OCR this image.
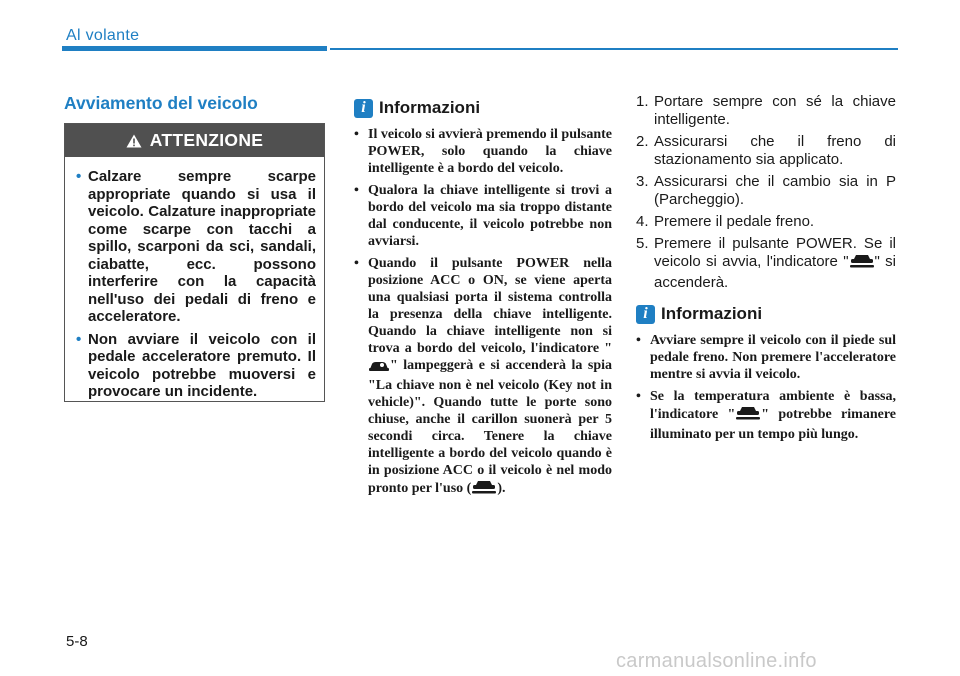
Al volante
Avviamento del veicolo
ATTENZIONE
• Calzare sempre scarpe appropriate quando si usa il veicolo. Calzature inappropriate come scarpe con tacchi a spillo, scarponi da sci, sandali, ciabatte, ecc. possono interferire con la capacità nell'uso dei pedali di freno e acceleratore.
• Non avviare il veicolo con il pedale acceleratore premuto. Il veicolo potrebbe muoversi e provocare un incidente.
i Informazioni
• Il veicolo si avvierà premendo il pulsante POWER, solo quando la chiave intelligente è a bordo del veicolo.
• Qualora la chiave intelligente si trovi a bordo del veicolo ma sia troppo distante dal conducente, il veicolo potrebbe non avviarsi.
• Quando il pulsante POWER nella posizione ACC o ON, se viene aperta una qualsiasi porta il sistema controlla la presenza della chiave intelligente. Quando la chiave intelligente non si trova a bordo del veicolo, l'indicatore "" lampeggerà e si accenderà la spia "La chiave non è nel veicolo (Key not in vehicle)". Quando tutte le porte sono chiuse, anche il carillon suonerà per 5 secondi circa. Tenere la chiave intelligente a bordo del veicolo quando è in posizione ACC o il veicolo è nel modo pronto per l'uso ( ).
1. Portare sempre con sé la chiave intelligente.
2. Assicurarsi che il freno di stazionamento sia applicato.
3. Assicurarsi che il cambio sia in P (Parcheggio).
4. Premere il pedale freno.
5. Premere il pulsante POWER. Se il veicolo si avvia, l'indicatore " " si accenderà.
i Informazioni
• Avviare sempre il veicolo con il piede sul pedale freno. Non premere l'acceleratore mentre si avvia il veicolo.
• Se la temperatura ambiente è bassa, l'indicatore " " potrebbe rimanere illuminato per un tempo più lungo.
5-8
carmanualsonline.info
